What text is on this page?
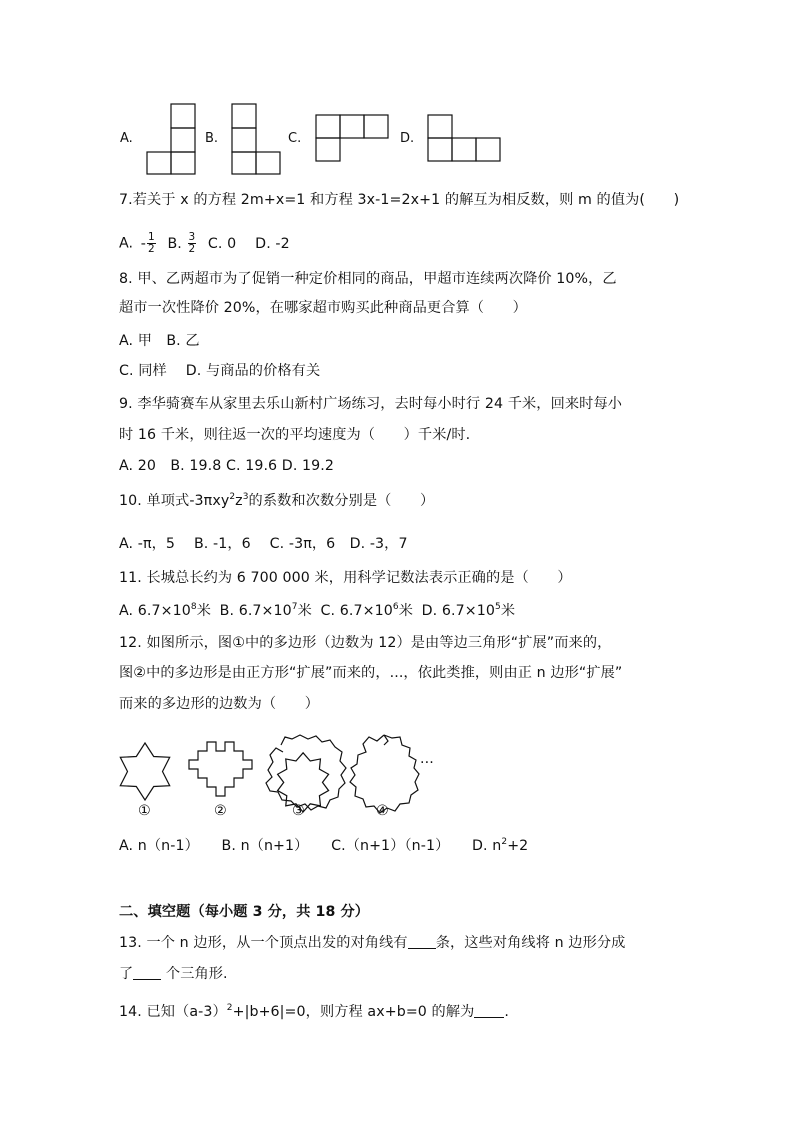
A.	B.	C.	D.
7.若关于 x 的方程 2m+x=1 和方程 3x-1=2x+1 的解互为相反数，则 m 的值为(　　)
A. - $\frac{1}{2} B$. $\frac{3}{2} C$. 0　 D. -2
8. 甲、乙两超市为了促销一种定价相同的商品，甲超市连续两次降价 10%，乙
超市一次性降价 20%，在哪家超市购买此种商品更合算（　　）
A. 甲　B. 乙
C. 同样　 D. 与商品的价格有关
9. 李华骑赛车从家里去乐山新村广场练习，去时每小时行 24 千米，回来时每小
时 16 千米，则往返一次的平均速度为（　　）千米/时.
A. 20　B. 19.8 C. 19.6 D. 19.2
10. 单项式$-3\pi xy^2z^3$的系数和次数分别是（　　）
A. -π，5　 B. -1，6　 C. -3π，6　D. -3，7
11. 长城总长约为 6 700 000 米，用科学记数法表示正确的是（　　）
A. $6.7\times 10^8$米 B. $6.7\times 10^7$米 C. $6.7\times 10^6$米 D. $6.7\times 10^5$米
12. 如图所示，图①中的多边形（边数为 12）是由等边三角形“扩展”而来的，
图②中的多边形是由正方形“扩展”而来的，...，依此类推，则由正 n 边形“扩展”
而来的多边形的边数为（　　）
...
①	②	③	④
A. n（n-1） B. n（n+1） C.（n+1）（n-1） D. $n^2+2$
二、填空题（每小题 3 分，共 18 分）
13. 一个 n 边形，从一个顶点出发的对角线有 条，这些对角线将 n 边形分成
了 个三角形.
14. 已知$(a-3)^2+|b+6|=0$，则方程 ax+b=0 的解为 .
